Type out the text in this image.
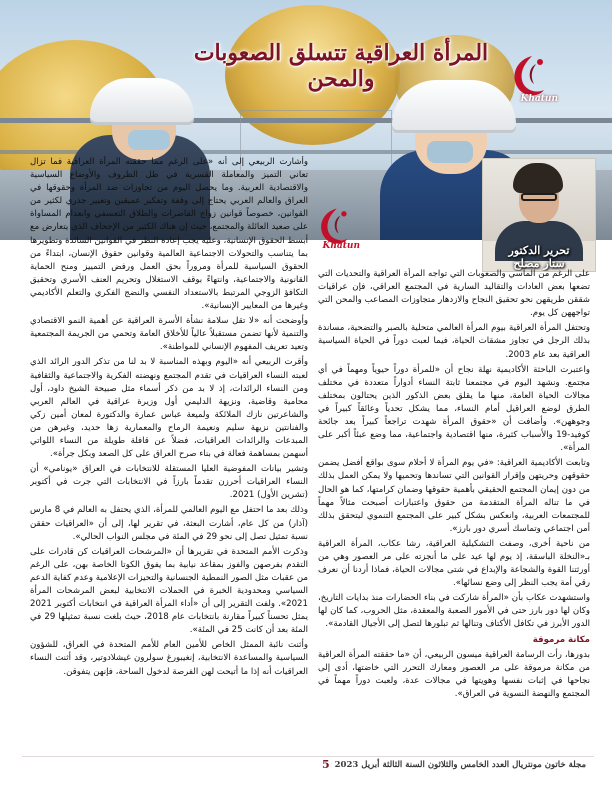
المرأة العراقية تتسلق الصعوبات والمحن
Khatun
تحرير الدكتور
ستار مصلح
Khatun

وأشارت الربيعي إلى أنه «على الرغم مما حققته المرأة العراقية فما تزال تعاني التميز والمعاملة القسرية في ظل الظروف والأوضاع السياسية والاقتصادية العربية. وما يحصل اليوم من تجاوزات ضد المرأة وحقوقها في العراق والعالم العربي يحتاج إلى وقفة وتفكير عميقين وتغيير جذري لكثير من القوانين، خصوصاً قوانين زواج القاصرات والطلاق التعسفي وانعدام المساواة على صعيد العائلة والمجتمع، حيث إن هناك الكثير من الإجحاف الذي يتعارض مع أبسط الحقوق الإنسانية، وعليه يجب إعادة النظر في القوانين السائدة وتطويرها بما يتناسب والتحولات الاجتماعية العالمية وقوانين حقوق الإنسان، ابتداءً من الحقوق السياسية للمرأة ومروراً بحق العمل ورفض التمييز ومنح الحماية القانونية والاجتماعية، وانتهاءً بوقف الاستغلال وتحريم العنف الأسري وتحقيق التكافؤ الزوجي المرتبط بالاستعداد النفسي والنضج الفكري والتعلم الأكاديمي وغيرها من المعايير الإنسانية».

وأوضحت أنه «لا تقل سلامة نشأة الأسرة العراقية عن أهمية النمو الاقتصادي والتنمية لأنها تضمن مستقبلاً عالياً للأخلاق العامة وتحمي من الجريمة المجتمعية وتعيد تعريف المفهوم الإنساني للمواطنة».

وأقرت الربيعي أنه «اليوم وبهذه المناسبة لا بد لنا من تذكر الدور الرائد الذي لعبته النساء العراقيات في تقدم المجتمع ونهضته الفكرية والاجتماعية والثقافية ومن النساء الرائدات، إذ لا بد من ذكر أسماء مثل صبيحة الشيخ داود، أول محامية وقاضية، ونزيهة الدليمي أول وزيرة عراقية في العالم العربي والشاعرتين نازك الملائكة ولميعة عباس عمارة والدكتورة لمعان أمين زكي والفنانتين نزيهة سليم ونعيمة الرماح والمعمارية زها حديد، وغيرهن من المبدعات والرائدات العراقيات، فضلاً عن قافلة طويلة من النساء اللواتي أسهمن بمساهمة فعالة في بناء صرح العراق على كل الصعد وبكل جرأة».

وتشير بيانات المفوضية العليا المستقلة للانتخابات في العراق «يونامي» أن النساء العراقيات أحرزن تقدماً بارزاً في الانتخابات التي جرت في أكتوبر (تشرين الأول) 2021.

وذلك بعد ما احتفل مع اليوم العالمي للمرأة، الذي يحتفل به العالم في 8 مارس (آذار) من كل عام، أشارت البعثة، في تقرير لها، إلى أن «العراقيات حققن نسبة تمثيل تصل إلى نحو 29 في المئة في مجلس النواب الحالي».

وذكرت الأمم المتحدة في تقريرها أن «المرشحات العراقيات كن قادرات على التقدم بفرصهن والفوز بمقاعد نيابية بما يفوق الكوتا الخاصة بهن، على الرغم من عقبات مثل الصور النمطية الجنسانية والتحيزات الإعلامية وعدم كفاية الدعم السياسي ومحدودية الخبرة في الحملات الانتخابية لبعض المرشحات المرأة 2021». ولفت التقرير إلى أن «أداء المرأة العراقية في انتخابات أكتوبر 2021 يمثل تحسناً كبيراً مقارنة بانتخابات عام 2018، حيث بلغت نسبة تمثيلها 29 في المئة بعد أن كانت 25 في المئة».

وأثنت نائبة الممثل الخاص للأمين العام للأمم المتحدة في العراق، للشؤون السياسية والمساعدة الانتخابية، إنغيبورغ سولرون غيشلادوتير، وقد أثنت النساء العراقيات أنه إذا ما أتيحت لهن الفرصة لدخول الساحة، فإنهن يتفوقن.

على الرغم من المآسي والصعوبات التي تواجه المرأة العراقية والتحديات التي تضعها بعض العادات والتقاليد السارية في المجتمع العراقي، فإن عراقيات شققن طريقهن نحو تحقيق النجاح والازدهار متجاوزات المصاعب والمحن التي تواجههن كل يوم.

وتحتفل المرأة العراقية بيوم المرأة العالمي متحلية بالصبر والتضحية، مساندة بذلك الرجل في تجاوز مشقات الحياة، فيما لعبت دوراً في الحياة السياسية العراقية بعد عام 2003.

واعتبرت الباحثة الأكاديمية نهلة نجاح أن «للمرأة دوراً حيوياً ومهماً في أي مجتمع. ونشهد اليوم في مجتمعنا ثابتة النساء أدواراً متعددة في مختلف مجالات الحياة العامة، منها ما يقلق بعض الذكور الذين يحتالون بمختلف الطرق لوضع العراقيل أمام النساء، مما يشكل تحدياً وعائقاً كبيراً في وجوههن». وأضافت أن «حقوق المرأة شهدت تراجعاً كبيراً بعد جائحة كوفيد-19 والأسباب كثيرة، منها اقتصادية واجتماعية، مما وضع عبئاً أكبر على المرأة».

وتابعت الأكاديمية العراقية: «في يوم المرأة لا أحلام سوى بواقع أفضل يضمن حقوقهن وحريتهن وإقرار القوانين التي تساندها وتحميها ولا يمكن العمل بذلك من دون إيمان المجتمع الحقيقي بأهمية حقوقها وضمان كرامتها، كما هو الحال في ما تناله المرأة المتقدمة من حقوق واعتبارات أصبحت مثالاً مهماً للمجتمعات العربية، وانعكس بشكل كبير على المجتمع التنموي ليتحقق بذلك أمن اجتماعي وتماسك أسري دور بارز».

من ناحية أخرى، وصفت التشكيلية العراقية، رشا عكاب، المرأة العراقية بـ«النخلة الباسقة، إذ يوم لها عيد على ما أنجزته على مر العصور وهي من أورثتنا القوة والشجاعة والإبداع في شتى مجالات الحياة، فماذا أردنا أن نعرف رقي أمة يجب النظر إلى وضع نسائها».

واستشهدت عكاب بأن «المرأة شاركت في بناء الحضارات منذ بدايات التاريخ، وكان لها دور بارز حتى في الأمور الصعبة والمعقدة، مثل الحروب، كما كان لها الدور الأبرز في تكافل الأكتاف وتنالها ثم تبلورها لتصل إلى الأجيال القادمة».

مكانة مرموقة

بدورها، رأت الرسامة العراقية ميسون الربيعي، أن «ما حققته المرأة العراقية من مكانة مرموقة على مر العصور ومعارك التحرر التي خاضتها، أدى إلى نجاحها في إثبات نفسها وهويتها في مجالات عدة، ولعبت دوراً مهماً في المجتمع والنهضة النسوية في العراق».

مجلة خاتون مونتريال العدد الخامس والثلاثون السنة الثالثة أبريل 2023
5
